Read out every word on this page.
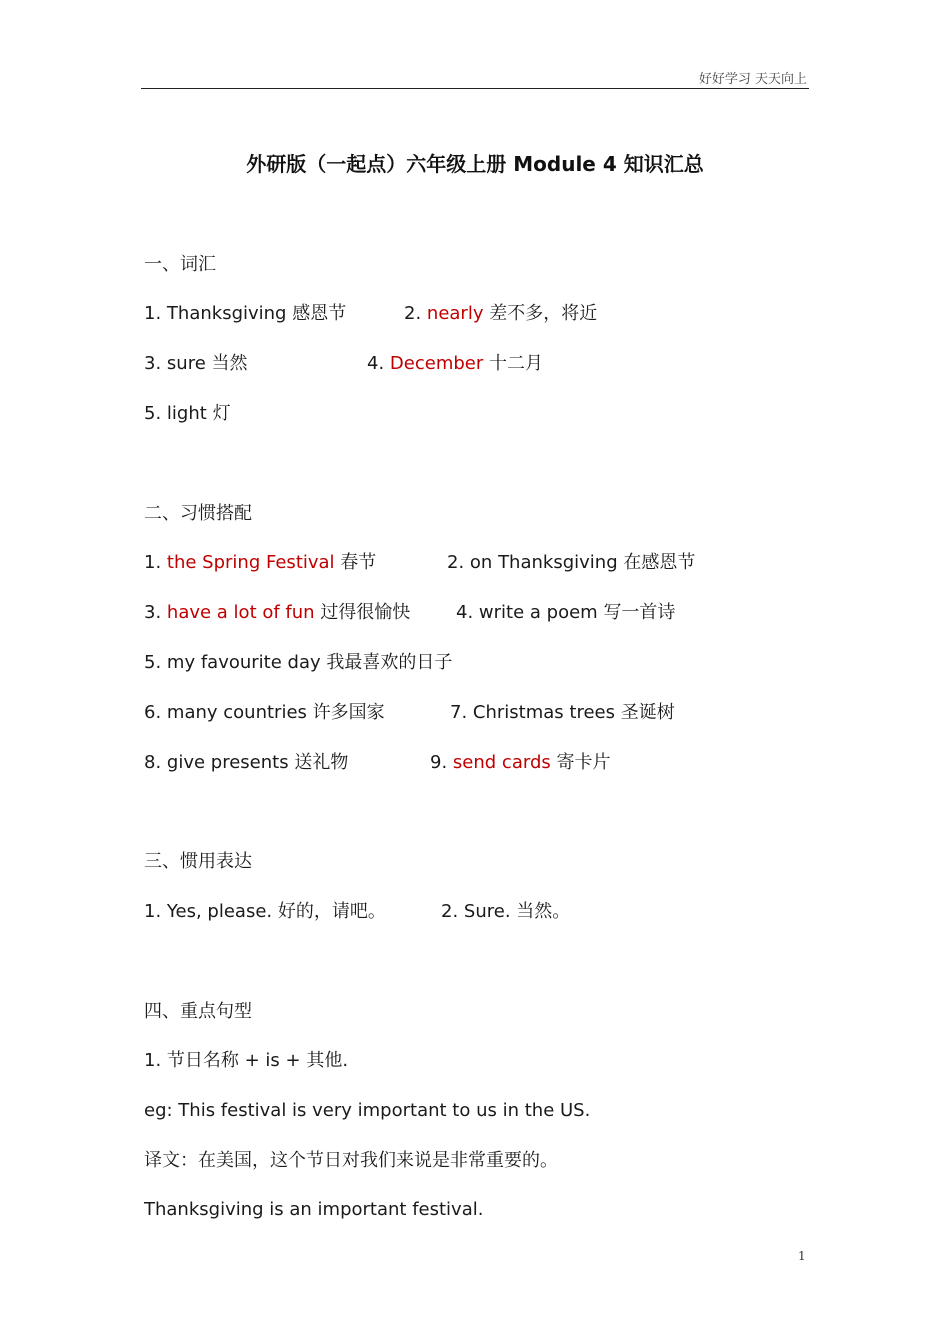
好好学习 天天向上
外研版（一起点）六年级上册 Module 4 知识汇总
一、词汇
1. Thanksgiving 感恩节	2. nearly 差不多，将近
3. sure 当然	4. December 十二月
5. light 灯
二、习惯搭配
1. the Spring Festival 春节	2. on Thanksgiving 在感恩节
3. have a lot of fun 过得很愉快	4. write a poem 写一首诗
5. my favourite day 我最喜欢的日子
6. many countries 许多国家	7. Christmas trees 圣诞树
8. give presents 送礼物	9. send cards 寄卡片
三、惯用表达
1. Yes, please. 好的，请吧。	2. Sure. 当然。
四、重点句型
1. 节日名称 + is + 其他.
eg: This festival is very important to us in the US.
译文：在美国，这个节日对我们来说是非常重要的。
Thanksgiving is an important festival.
1
